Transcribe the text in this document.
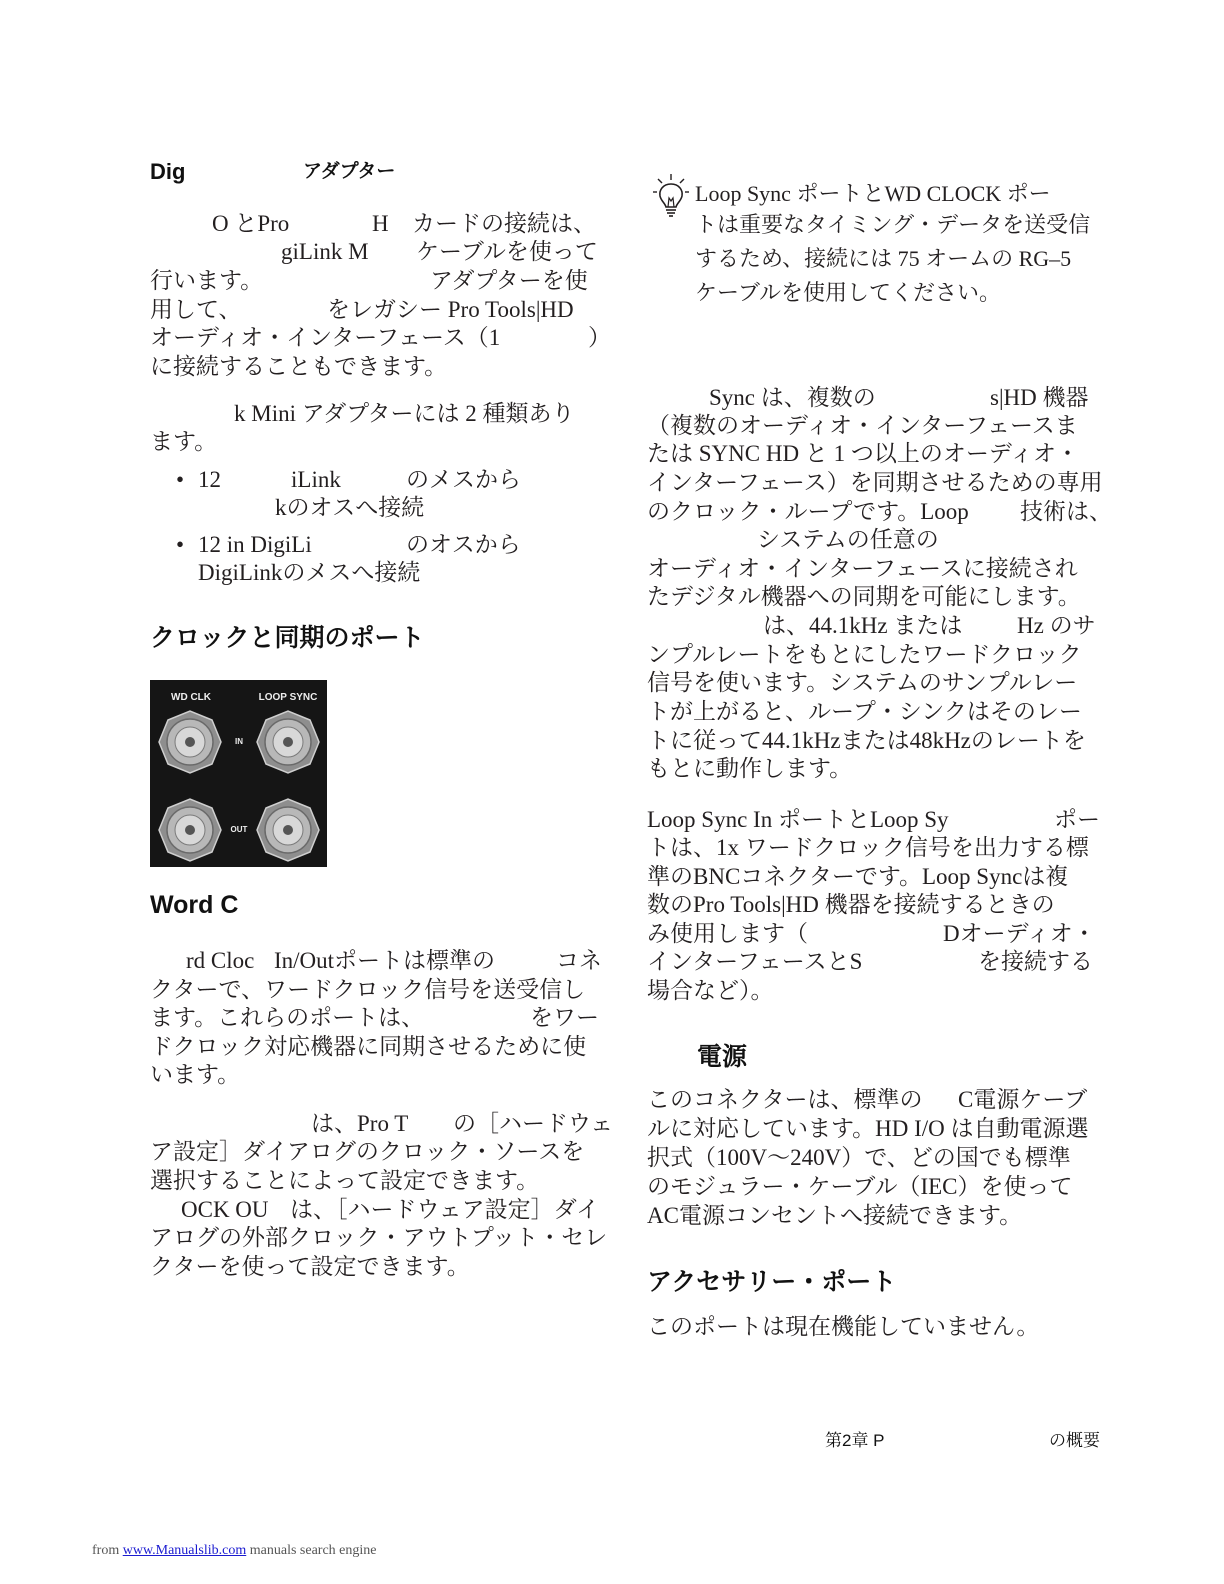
Dig	アダプター
O とPro	H カードの接続は、
giLink M ケーブルを使って
行います。	アダプターを使
用して、	をレガシー Pro Tools|HD
オーディオ・インターフェース（1	）
に接続することもできます。
k Mini アダプターには 2 種類あり
ます。
• 12	iLink	のメスから
kのオスへ接続
• 12 in DigiLi	のオスから
DigiLinkのメスへ接続
クロックと同期のポート
WD CLK	LOOP SYNC
IN
OUT
Word C
rd Cloc In/Outポートは標準の	コネ
クターで、ワードクロック信号を送受信し
ます。これらのポートは、	をワー
ドクロック対応機器に同期させるために使
います。
は、Pro T の［ハードウェ
ア設定］ダイアログのクロック・ソースを
選択することによって設定できます。
OCK OU は、［ハードウェア設定］ダイ
アログの外部クロック・アウトプット・セレ
クターを使って設定できます。
Loop Sync ポートとWD CLOCK ポー
トは重要なタイミング・データを送受信
するため、接続には 75 オームの RG–5
ケーブルを使用してください。
Sync は、複数の	s|HD 機器
（複数のオーディオ・インターフェースま
たは SYNC HD と 1 つ以上のオーディオ・
インターフェース）を同期させるための専用
のクロック・ループです。Loop 技術は、
システムの任意の
オーディオ・インターフェースに接続され
たデジタル機器への同期を可能にします。
は、44.1kHz または Hz のサ
ンプルレートをもとにしたワードクロック
信号を使います。システムのサンプルレー
トが上がると、ループ・シンクはそのレー
トに従って44.1kHzまたは48kHzのレートを
もとに動作します。
Loop Sync In ポートとLoop Sy	ポー
トは、1x ワードクロック信号を出力する標
準のBNCコネクターです。Loop Syncは複
数のPro Tools|HD 機器を接続するときの
み使用します（	Dオーディオ・
インターフェースとS	を接続する
場合など）。
電源
このコネクターは、標準の C電源ケーブ
ルに対応しています。HD I/O は自動電源選
択式（100V～240V）で、どの国でも標準
のモジュラー・ケーブル（IEC）を使って
AC電源コンセントへ接続できます。
アクセサリー・ポート
このポートは現在機能していません。
第2章 P	の概要
from www.Manualslib.com manuals search engine
